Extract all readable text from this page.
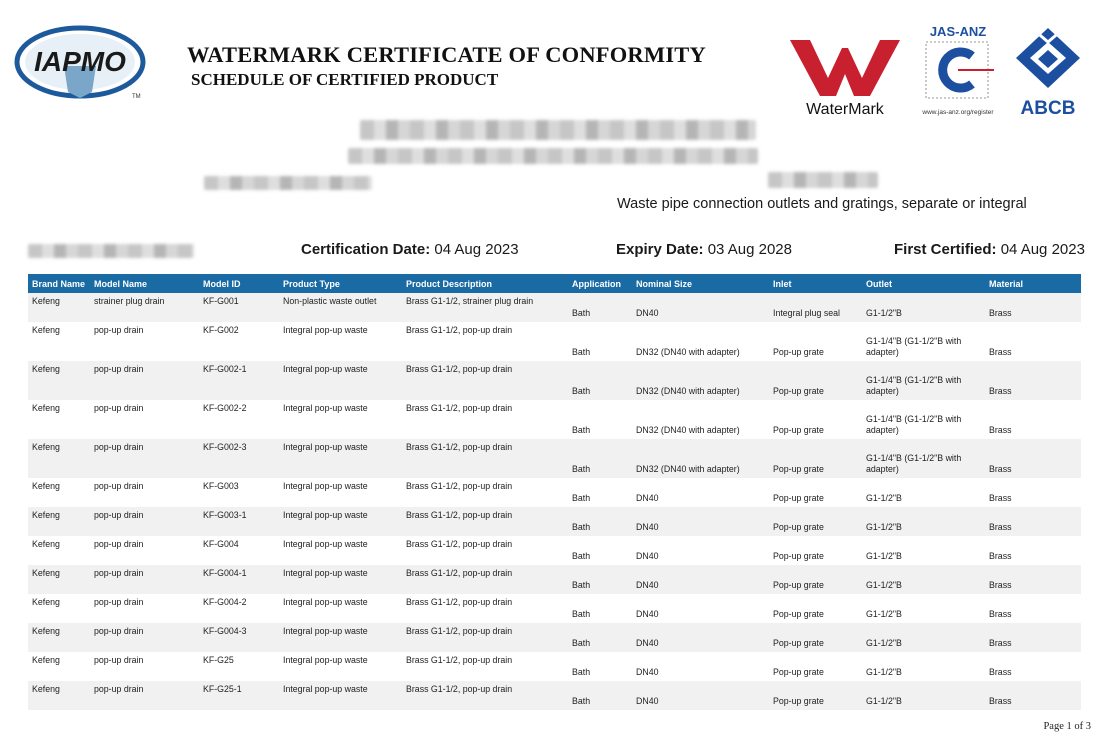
IAPMO
TM
WATERMARK CERTIFICATE OF CONFORMITY
SCHEDULE OF CERTIFIED PRODUCT
WaterMark
JAS-ANZ
www.jas-anz.org/register ABCB
Waste pipe connection outlets and gratings, separate or integral
Certification Date: 04 Aug 2023	Expiry Date: 03 Aug 2028	First Certified: 04 Aug 2023
Brand Name	Model Name	Model ID	Product Type	Product Description	Application	Nominal Size	Inlet	Outlet	Material
Kefeng	strainer plug drain	KF-G001	Non-plastic waste outlet	Brass G1-1/2, strainer plug drain	Bath	DN40	Integral plug seal	G1-1/2"B	Brass
Kefeng	pop-up drain	KF-G002	Integral pop-up waste	Brass G1-1/2, pop-up drain	Bath	DN32 (DN40 with adapter)	Pop-up grate	G1-1/4"B (G1-1/2"B with adapter)	Brass
Kefeng	pop-up drain	KF-G002-1	Integral pop-up waste	Brass G1-1/2, pop-up drain	Bath	DN32 (DN40 with adapter)	Pop-up grate	G1-1/4"B (G1-1/2"B with adapter)	Brass
Kefeng	pop-up drain	KF-G002-2	Integral pop-up waste	Brass G1-1/2, pop-up drain	Bath	DN32 (DN40 with adapter)	Pop-up grate	G1-1/4"B (G1-1/2"B with adapter)	Brass
Kefeng	pop-up drain	KF-G002-3	Integral pop-up waste	Brass G1-1/2, pop-up drain	Bath	DN32 (DN40 with adapter)	Pop-up grate	G1-1/4"B (G1-1/2"B with adapter)	Brass
Kefeng	pop-up drain	KF-G003	Integral pop-up waste	Brass G1-1/2, pop-up drain	Bath	DN40	Pop-up grate	G1-1/2"B	Brass
Kefeng	pop-up drain	KF-G003-1	Integral pop-up waste	Brass G1-1/2, pop-up drain	Bath	DN40	Pop-up grate	G1-1/2"B	Brass
Kefeng	pop-up drain	KF-G004	Integral pop-up waste	Brass G1-1/2, pop-up drain	Bath	DN40	Pop-up grate	G1-1/2"B	Brass
Kefeng	pop-up drain	KF-G004-1	Integral pop-up waste	Brass G1-1/2, pop-up drain	Bath	DN40	Pop-up grate	G1-1/2"B	Brass
Kefeng	pop-up drain	KF-G004-2	Integral pop-up waste	Brass G1-1/2, pop-up drain	Bath	DN40	Pop-up grate	G1-1/2"B	Brass
Kefeng	pop-up drain	KF-G004-3	Integral pop-up waste	Brass G1-1/2, pop-up drain	Bath	DN40	Pop-up grate	G1-1/2"B	Brass
Kefeng	pop-up drain	KF-G25	Integral pop-up waste	Brass G1-1/2, pop-up drain	Bath	DN40	Pop-up grate	G1-1/2"B	Brass
Kefeng	pop-up drain	KF-G25-1	Integral pop-up waste	Brass G1-1/2, pop-up drain	Bath	DN40	Pop-up grate	G1-1/2"B	Brass
Page 1 of 3
